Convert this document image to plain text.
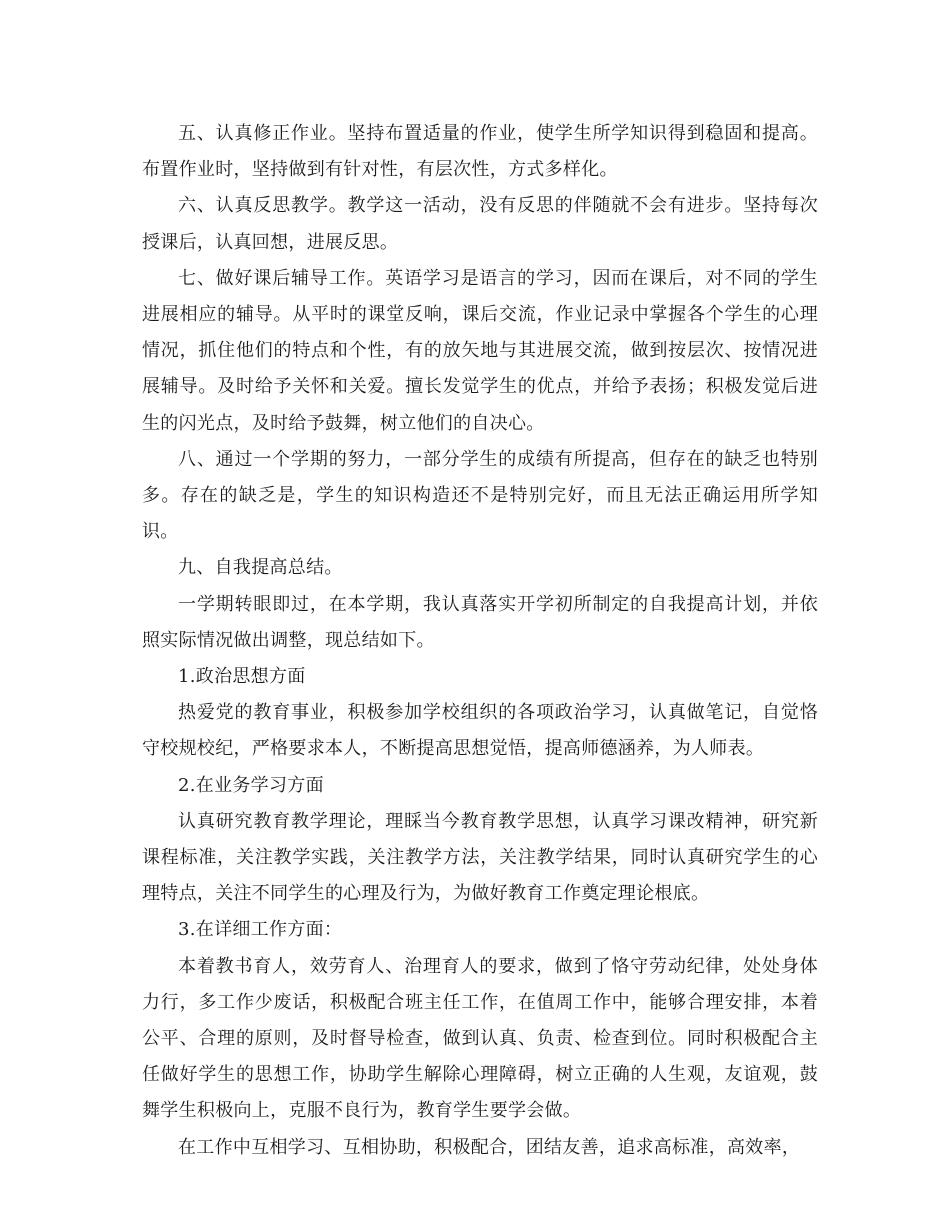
五、认真修正作业。坚持布置适量的作业，使学生所学知识得到稳固和提高。布置作业时，坚持做到有针对性，有层次性，方式多样化。

六、认真反思教学。教学这一活动，没有反思的伴随就不会有进步。坚持每次授课后，认真回想，进展反思。

七、做好课后辅导工作。英语学习是语言的学习，因而在课后，对不同的学生进展相应的辅导。从平时的课堂反响，课后交流，作业记录中掌握各个学生的心理情况，抓住他们的特点和个性，有的放矢地与其进展交流，做到按层次、按情况进展辅导。及时给予关怀和关爱。擅长发觉学生的优点，并给予表扬；积极发觉后进生的闪光点，及时给予鼓舞，树立他们的自决心。

八、通过一个学期的努力，一部分学生的成绩有所提高，但存在的缺乏也特别多。存在的缺乏是，学生的知识构造还不是特别完好，而且无法正确运用所学知识。

九、自我提高总结。

一学期转眼即过，在本学期，我认真落实开学初所制定的自我提高计划，并依照实际情况做出调整，现总结如下。

1.政治思想方面

热爱党的教育事业，积极参加学校组织的各项政治学习，认真做笔记，自觉恪守校规校纪，严格要求本人，不断提高思想觉悟，提高师德涵养，为人师表。

2.在业务学习方面

认真研究教育教学理论，理睬当今教育教学思想，认真学习课改精神，研究新课程标准，关注教学实践，关注教学方法，关注教学结果，同时认真研究学生的心理特点，关注不同学生的心理及行为，为做好教育工作奠定理论根底。

3.在详细工作方面：

本着教书育人，效劳育人、治理育人的要求，做到了恪守劳动纪律，处处身体力行，多工作少废话，积极配合班主任工作，在值周工作中，能够合理安排，本着公平、合理的原则，及时督导检查，做到认真、负责、检查到位。同时积极配合主任做好学生的思想工作，协助学生解除心理障碍，树立正确的人生观，友谊观，鼓舞学生积极向上，克服不良行为，教育学生要学会做。

在工作中互相学习、互相协助，积极配合，团结友善，追求高标准，高效率，
